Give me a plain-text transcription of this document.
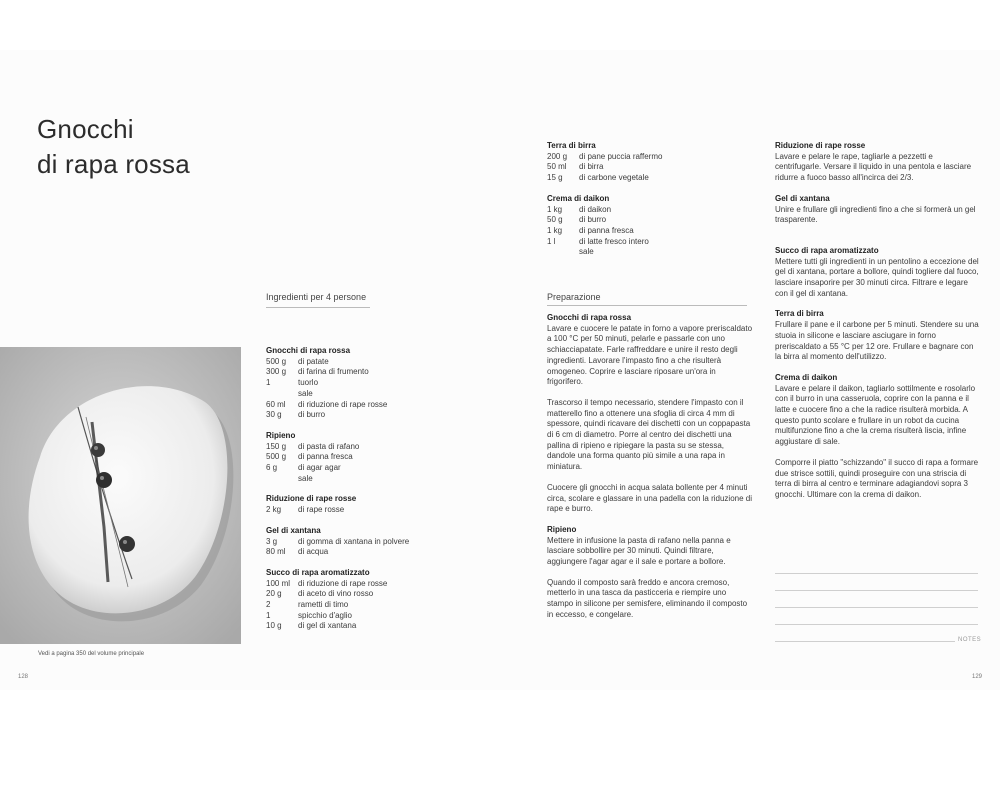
Gnocchi
di rapa rossa
Ingredienti per 4 persone	Preparazione
Vedi a pagina 350 del volume principale
Gnocchi di rapa rossa
500 g	di patate
300 g	di farina di frumento
1	tuorlo
sale
60 ml	di riduzione di rape rosse
30 g	di burro
Ripieno
150 g	di pasta di rafano
500 g	di panna fresca
6 g	di agar agar
sale
Riduzione di rape rosse
2 kg	di rape rosse
Gel di xantana
3 g	di gomma di xantana in polvere
80 ml	di acqua
Succo di rapa aromatizzato
100 ml di riduzione di rape rosse
20 g	di aceto di vino rosso
2	rametti di timo
1	spicchio d'aglio
10 g	di gel di xantana
Terra di birra
200 g	di pane puccia raffermo
50 ml	di birra
15 g	di carbone vegetale
Crema di daikon
1 kg	di daikon
50 g	di burro
1 kg	di panna fresca
1 l	di latte fresco intero
sale
Gnocchi di rapa rossa
Lavare e cuocere le patate in forno a vapore preriscaldato a 100 °C per 50 minuti, pelarle e passarle con uno schiacciapatate. Farle raffreddare e unire il resto degli ingredienti. Lavorare l'impasto fino a che risulterà omogeneo. Coprire e lasciare riposare un'ora in frigorifero.
Trascorso il tempo necessario, stendere l'impasto con il matterello fino a ottenere una sfoglia di circa 4 mm di spessore, quindi ricavare dei dischetti con un coppapasta di 6 cm di diametro. Porre al centro dei dischetti una pallina di ripieno e ripiegare la pasta su se stessa, dandole una forma quanto più simile a una rapa in miniatura.
Cuocere gli gnocchi in acqua salata bollente per 4 minuti circa, scolare e glassare in una padella con la riduzione di rape e burro.
Ripieno
Mettere in infusione la pasta di rafano nella panna e lasciare sobbollire per 30 minuti. Quindi filtrare, aggiungere l'agar agar e il sale e portare a bollore.
Quando il composto sarà freddo e ancora cremoso, metterlo in una tasca da pasticceria e riempire uno stampo in silicone per semisfere, eliminando il composto in eccesso, e congelare.
Riduzione di rape rosse
Lavare e pelare le rape, tagliarle a pezzetti e centrifugarle. Versare il liquido in una pentola e lasciare ridurre a fuoco basso all'incirca dei 2/3.
Gel di xantana
Unire e frullare gli ingredienti fino a che si formerà un gel trasparente.
Succo di rapa aromatizzato
Mettere tutti gli ingredienti in un pentolino a eccezione del gel di xantana, portare a bollore, quindi togliere dal fuoco, lasciare insaporire per 30 minuti circa. Filtrare e legare con il gel di xantana.
Terra di birra
Frullare il pane e il carbone per 5 minuti. Stendere su una stuoia in silicone e lasciare asciugare in forno preriscaldato a 55 °C per 12 ore. Frullare e bagnare con la birra al momento dell'utilizzo.
Crema di daikon
Lavare e pelare il daikon, tagliarlo sottilmente e rosolarlo con il burro in una casseruola, coprire con la panna e il latte e cuocere fino a che la radice risulterà morbida. A questo punto scolare e frullare in un robot da cucina multifunzione fino a che la crema risulterà liscia, infine aggiustare di sale.
Comporre il piatto "schizzando" il succo di rapa a formare due strisce sottili, quindi proseguire con una striscia di terra di birra al centro e terminare adagiandovi sopra 3 gnocchi. Ultimare con la crema di daikon.
NOTES
128	129
